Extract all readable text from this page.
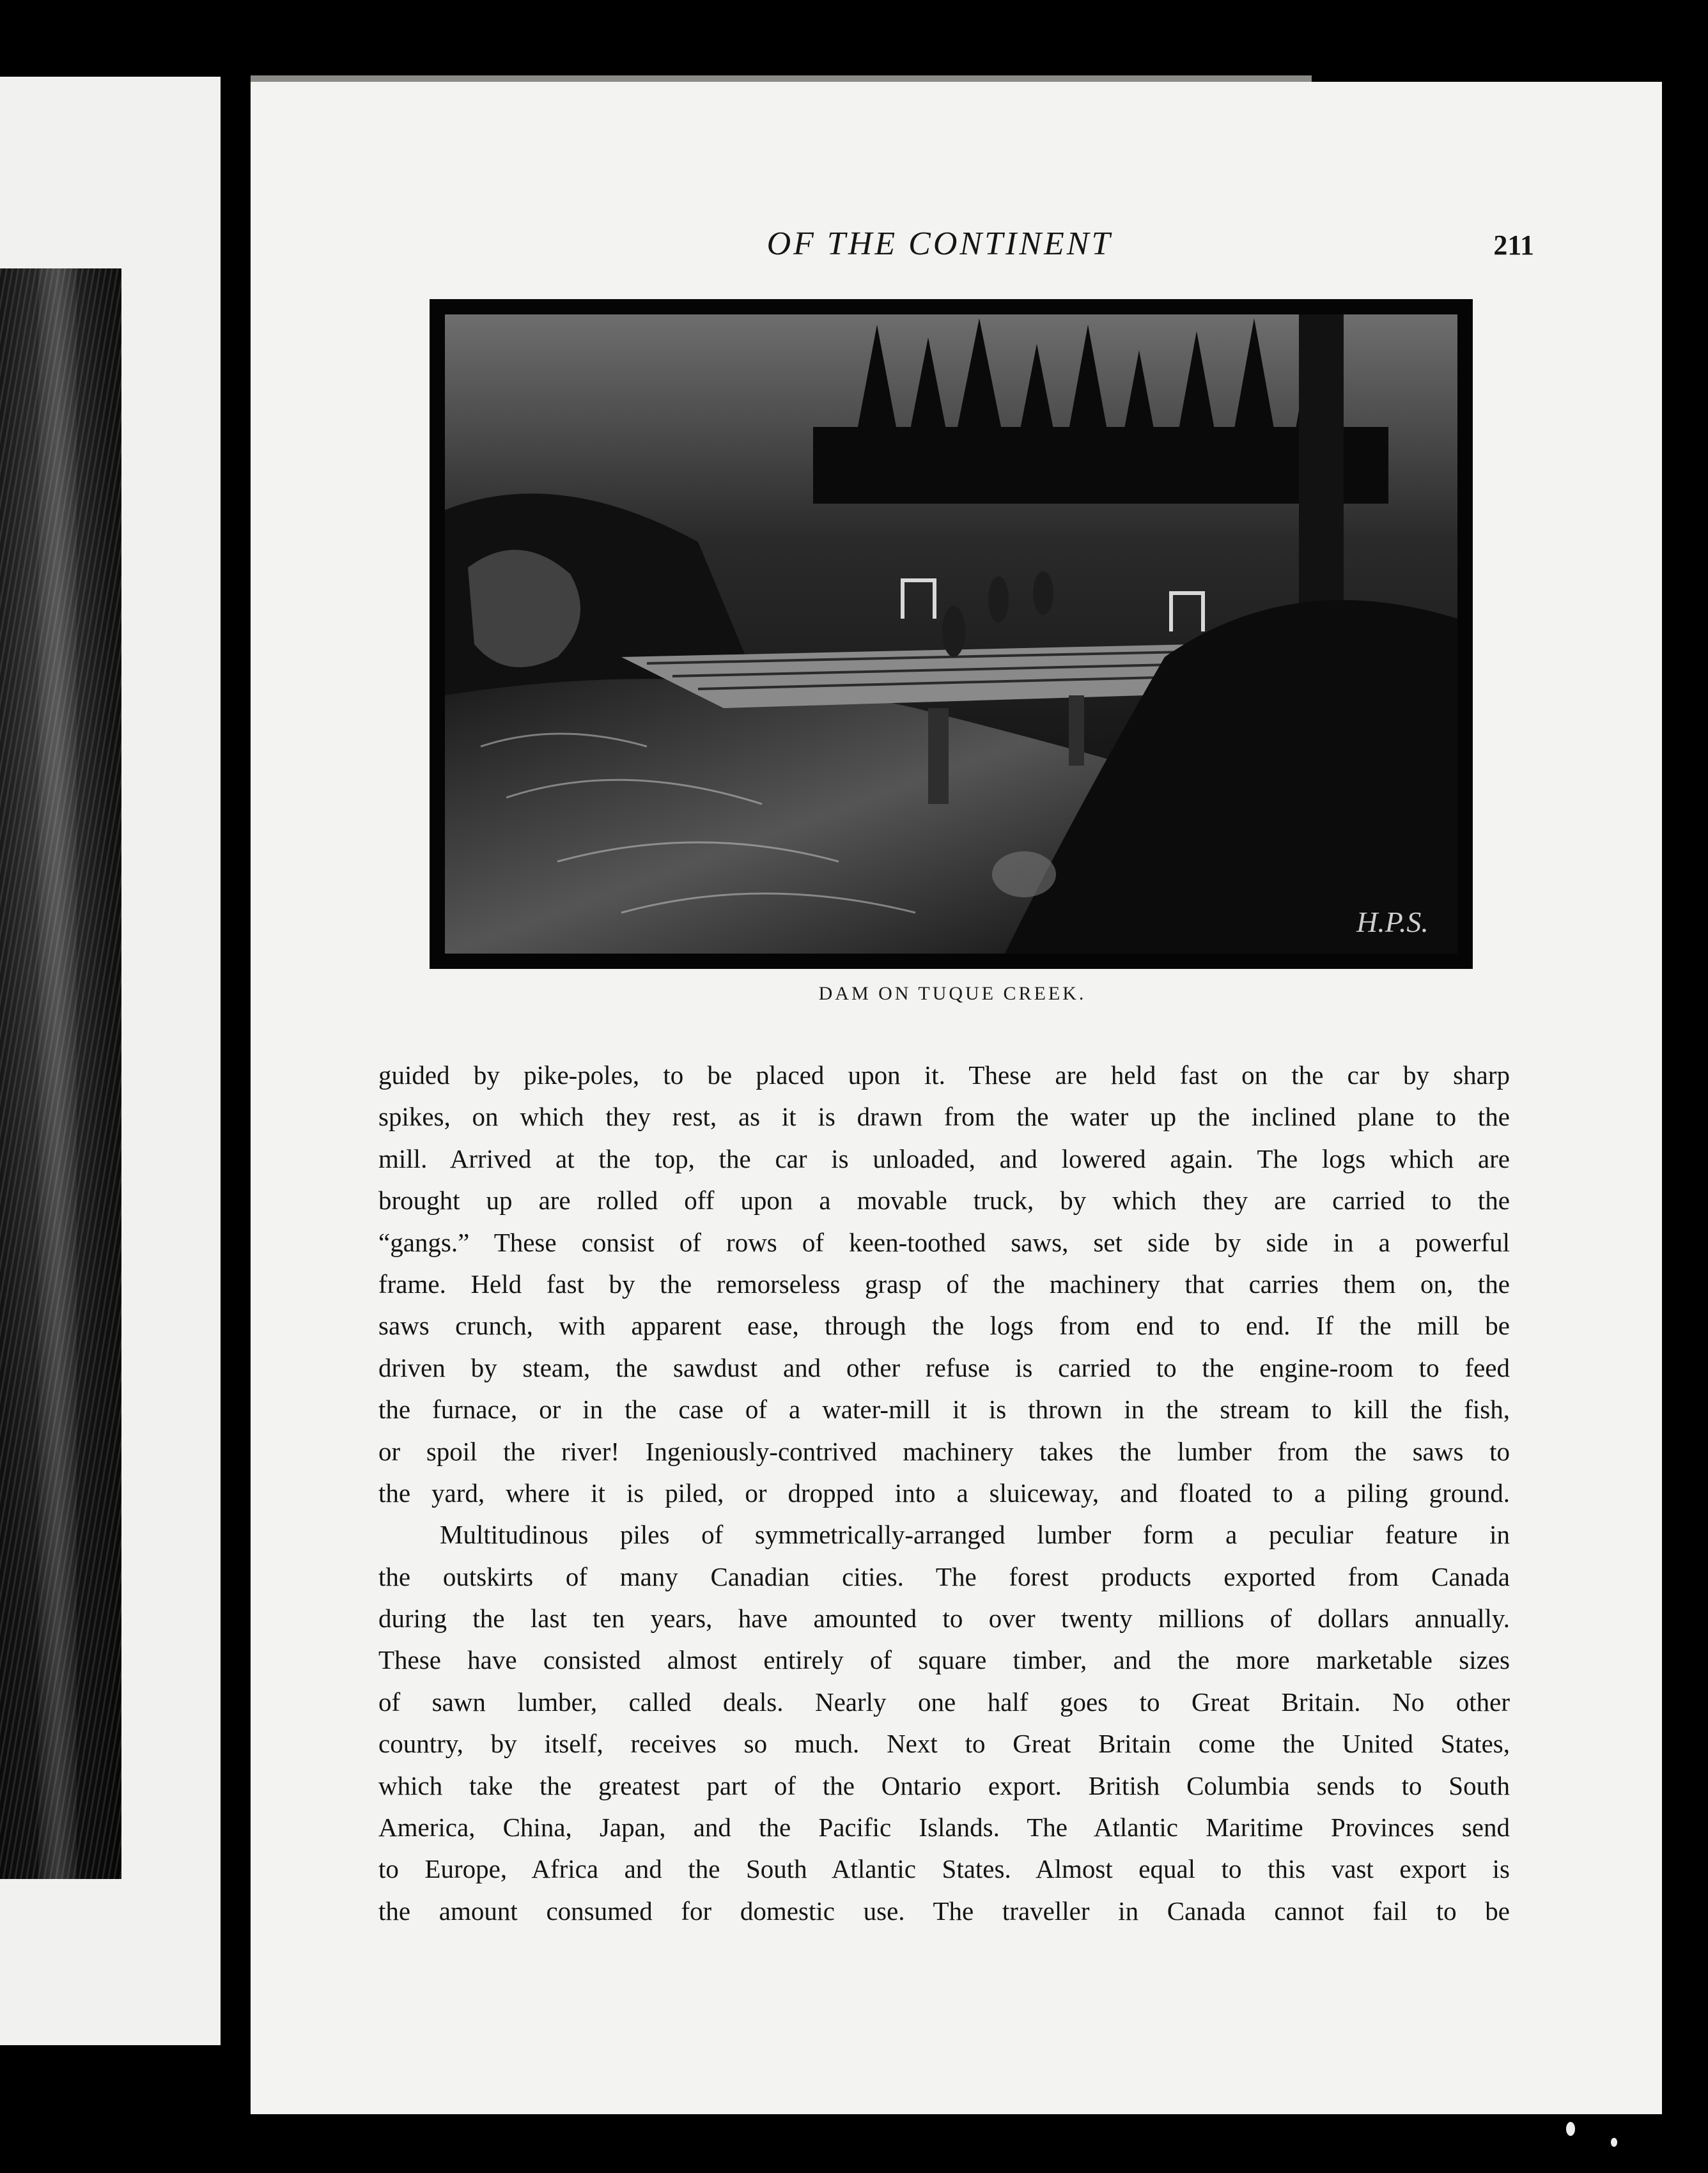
OF THE CONTINENT	211
H.P.S.
DAM ON TUQUE CREEK.
guided by pike-poles, to be placed upon it. These are held fast on the car by sharp
spikes, on which they rest, as it is drawn from the water up the inclined plane to the
mill. Arrived at the top, the car is unloaded, and lowered again. The logs which are
brought up are rolled off upon a movable truck, by which they are carried to the
“gangs.” These consist of rows of keen-toothed saws, set side by side in a powerful
frame. Held fast by the remorseless grasp of the machinery that carries them on, the
saws crunch, with apparent ease, through the logs from end to end. If the mill be
driven by steam, the sawdust and other refuse is carried to the engine-room to feed
the furnace, or in the case of a water-mill it is thrown in the stream to kill the fish,
or spoil the river! Ingeniously-contrived machinery takes the lumber from the saws to
the yard, where it is piled, or dropped into a sluiceway, and floated to a piling ground.
Multitudinous piles of symmetrically-arranged lumber form a peculiar feature in
the outskirts of many Canadian cities. The forest products exported from Canada
during the last ten years, have amounted to over twenty millions of dollars annually.
These have consisted almost entirely of square timber, and the more marketable sizes
of sawn lumber, called deals. Nearly one half goes to Great Britain. No other
country, by itself, receives so much. Next to Great Britain come the United States,
which take the greatest part of the Ontario export. British Columbia sends to South
America, China, Japan, and the Pacific Islands. The Atlantic Maritime Provinces send
to Europe, Africa and the South Atlantic States. Almost equal to this vast export is
the amount consumed for domestic use. The traveller in Canada cannot fail to be
